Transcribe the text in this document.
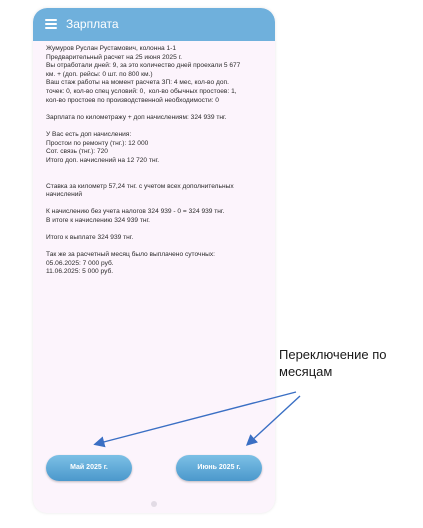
Зарплата
Жумуров Руслан Рустамович, колонна 1-1
Предварительный расчет на 25 июня 2025 г.
Вы отработали дней: 9, за это количество дней проехали 5 677
км. + (доп. рейсы: 0 шт. по 800 км.)
Ваш стаж работы на момент расчета ЗП: 4 мес, кол-во доп.
точек: 0, кол-во спец условий: 0,  кол-во обычных простоев: 1,
кол-во простоев по производственной необходимости: 0
Зарплата по километражу + доп начислениям: 324 939 тнг.
У Вас есть доп начисления:
Простои по ремонту (тнг.): 12 000
Сот. связь (тнг.): 720
Итого доп. начислений на 12 720 тнг.
Ставка за километр 57,24 тнг. с учетом всех дополнительных
начислений
К начислению без учета налогов 324 939 - 0 = 324 939 тнг.
В итоге к начислению 324 939 тнг.
Итого к выплате 324 939 тнг.
Так же за расчетный месяц было выплачено суточных:
05.06.2025: 7 000 руб.
11.06.2025: 5 000 руб.
Май 2025 г.	Июнь 2025 г.
Переключение по месяцам
